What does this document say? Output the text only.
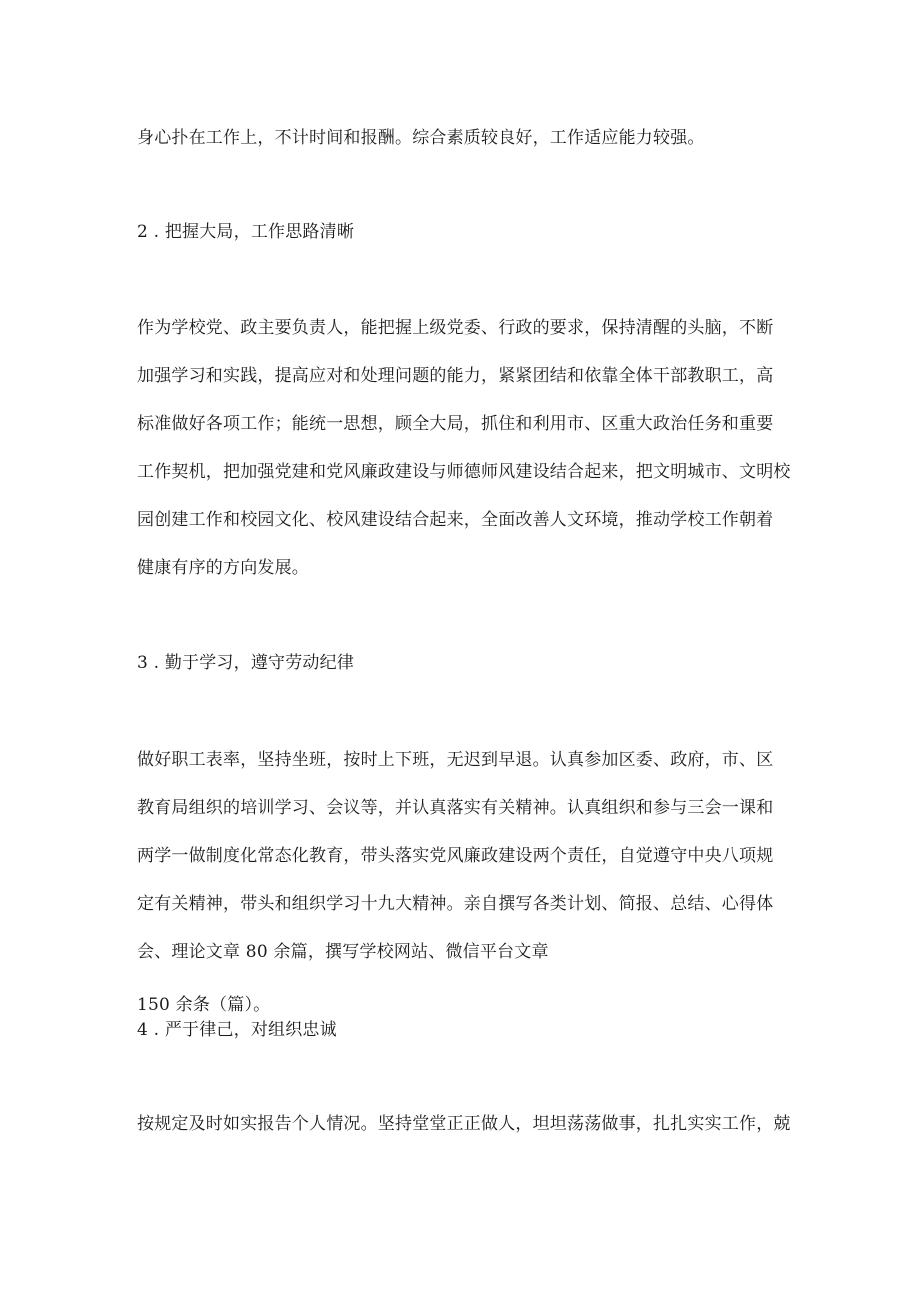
身心扑在工作上，不计时间和报酬。综合素质较良好，工作适应能力较强。

2 . 把握大局，工作思路清晰

作为学校党、政主要负责人，能把握上级党委、行政的要求，保持清醒的头脑，不断

加强学习和实践，提高应对和处理问题的能力，紧紧团结和依靠全体干部教职工，高

标准做好各项工作；能统一思想，顾全大局，抓住和利用市、区重大政治任务和重要

工作契机，把加强党建和党风廉政建设与师德师风建设结合起来，把文明城市、文明校

园创建工作和校园文化、校风建设结合起来，全面改善人文环境，推动学校工作朝着

健康有序的方向发展。

3 . 勤于学习，遵守劳动纪律

做好职工表率，坚持坐班，按时上下班，无迟到早退。认真参加区委、政府，市、区

教育局组织的培训学习、会议等，并认真落实有关精神。认真组织和参与三会一课和

两学一做制度化常态化教育，带头落实党风廉政建设两个责任，自觉遵守中央八项规

定有关精神，带头和组织学习十九大精神。亲自撰写各类计划、简报、总结、心得体

会、理论文章 80 余篇，撰写学校网站、微信平台文章

150 余条（篇）。

4 . 严于律己，对组织忠诚

按规定及时如实报告个人情况。坚持堂堂正正做人，坦坦荡荡做事，扎扎实实工作，兢
